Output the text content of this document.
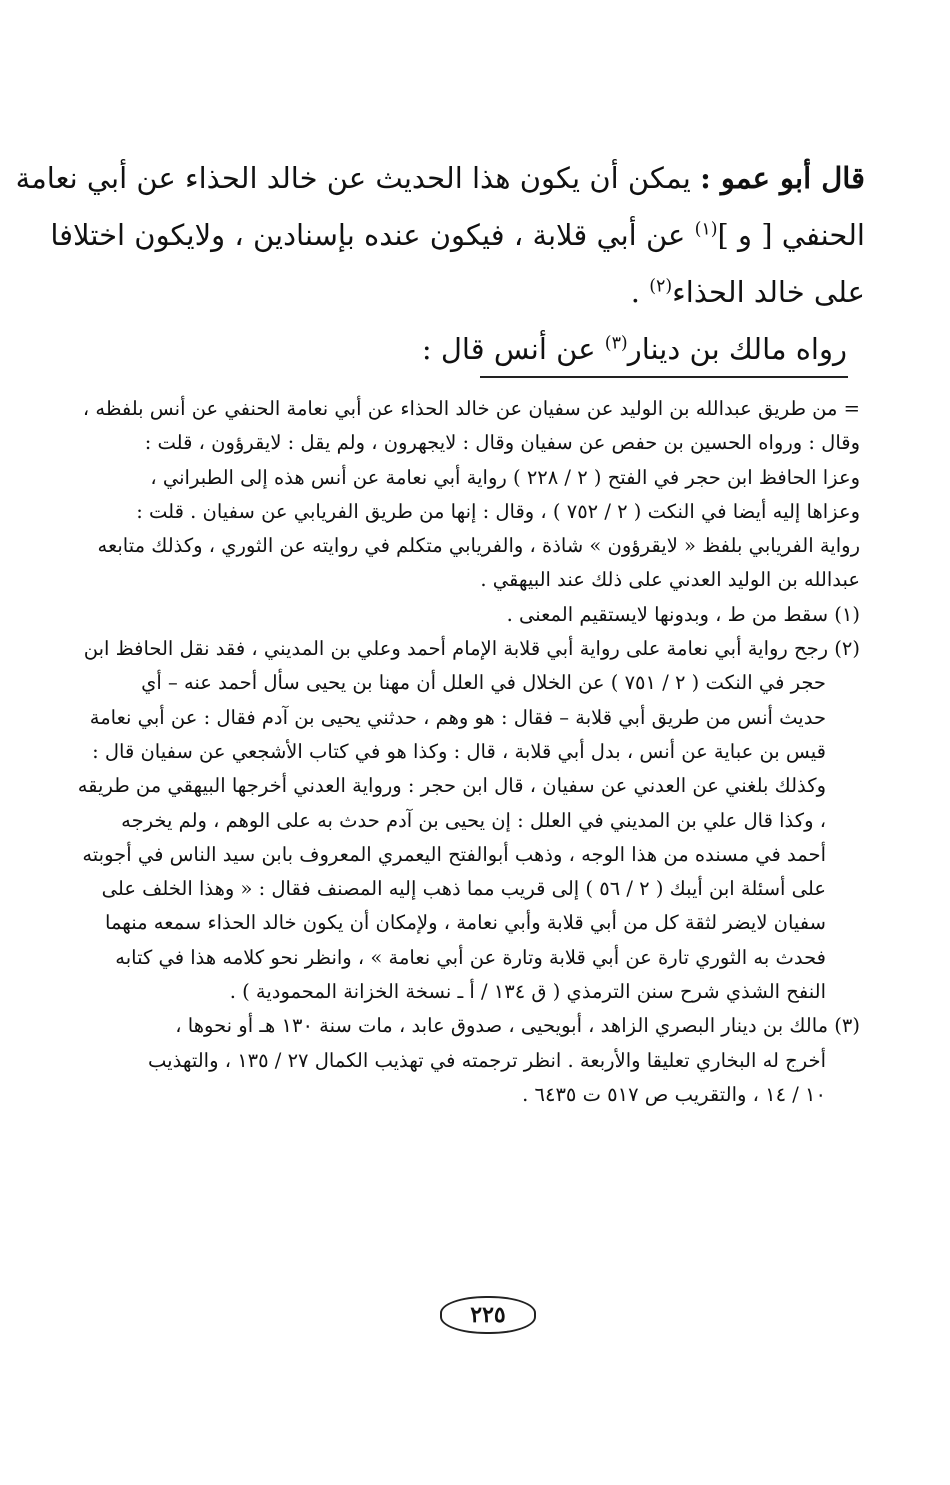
قال أبو عمو : يمكن أن يكون هذا الحديث عن خالد الحذاء عن أبي نعامة

الحنفي [ و ]$^{(١)}$ عن أبي قلابة ، فيكون عنده بإسنادين ، ولايكون اختلافا

على خالد الحذاء$^{(٢)}$ .

رواه مالك بن دينار$^{(٣)}$ عن أنس قال :

= من طريق عبدالله بن الوليد عن سفيان عن خالد الحذاء عن أبي نعامة الحنفي عن أنس بلفظه ،
وقال : ورواه الحسين بن حفص عن سفيان وقال : لايجهرون ، ولم يقل : لايقرؤون ، قلت :
وعزا الحافظ ابن حجر في الفتح ( ٢ / ٢٢٨ ) رواية أبي نعامة عن أنس هذه إلى الطبراني ،
وعزاها إليه أيضا في النكت ( ٢ / ٧٥٢ ) ، وقال : إنها من طريق الفريابي عن سفيان . قلت :
رواية الفريابي بلفظ « لايقرؤون » شاذة ، والفريابي متكلم في روايته عن الثوري ، وكذلك متابعه
عبدالله بن الوليد العدني على ذلك عند البيهقي .
(١) سقط من ط ، وبدونها لايستقيم المعنى .
(٢) رجح رواية أبي نعامة على رواية أبي قلابة الإمام أحمد وعلي بن المديني ، فقد نقل الحافظ ابن
حجر في النكت ( ٢ / ٧٥١ ) عن الخلال في العلل أن مهنا بن يحيى سأل أحمد عنه – أي
حديث أنس من طريق أبي قلابة – فقال : هو وهم ، حدثني يحيى بن آدم فقال : عن أبي نعامة
قيس بن عباية عن أنس ، بدل أبي قلابة ، قال : وكذا هو في كتاب الأشجعي عن سفيان قال :
وكذلك بلغني عن العدني عن سفيان ، قال ابن حجر : ورواية العدني أخرجها البيهقي من طريقه
، وكذا قال علي بن المديني في العلل : إن يحيى بن آدم حدث به على الوهم ، ولم يخرجه
أحمد في مسنده من هذا الوجه ، وذهب أبوالفتح اليعمري المعروف بابن سيد الناس في أجوبته
على أسئلة ابن أيبك ( ٢ / ٥٦ ) إلى قريب مما ذهب إليه المصنف فقال : « وهذا الخلف على
سفيان لايضر لثقة كل من أبي قلابة وأبي نعامة ، ولإمكان أن يكون خالد الحذاء سمعه منهما
فحدث به الثوري تارة عن أبي قلابة وتارة عن أبي نعامة » ، وانظر نحو كلامه هذا في كتابه
النفح الشذي شرح سنن الترمذي ( ق ١٣٤ / أ ـ نسخة الخزانة المحمودية ) .
(٣) مالك بن دينار البصري الزاهد ، أبويحيى ، صدوق عابد ، مات سنة ١٣٠ هـ أو نحوها ،
أخرج له البخاري تعليقا والأربعة . انظر ترجمته في تهذيب الكمال ٢٧ / ١٣٥ ، والتهذيب
١٠ / ١٤ ، والتقريب ص ٥١٧ ت ٦٤٣٥ .
٢٢٥
